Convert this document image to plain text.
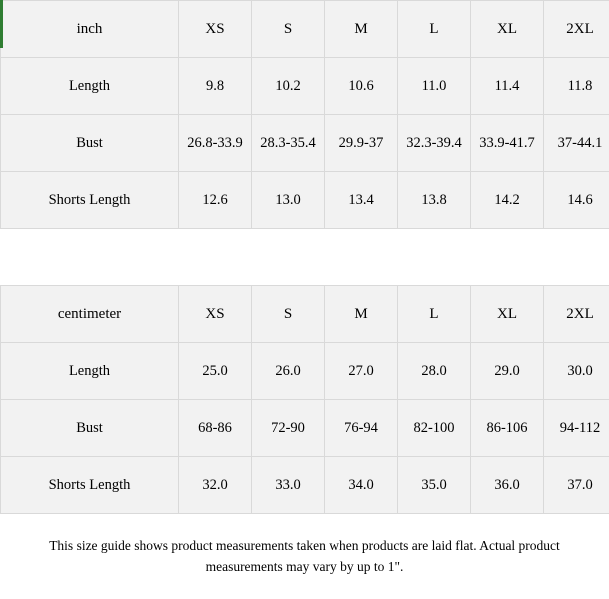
inch	XS	S	M	L	XL	2XL
Length	9.8	10.2	10.6	11.0	11.4	11.8
Bust	26.8-33.9	28.3-35.4	29.9-37	32.3-39.4	33.9-41.7	37-44.1
Shorts Length	12.6	13.0	13.4	13.8	14.2	14.6
centimeter	XS	S	M	L	XL	2XL
Length	25.0	26.0	27.0	28.0	29.0	30.0
Bust	68-86	72-90	76-94	82-100	86-106	94-112
Shorts Length	32.0	33.0	34.0	35.0	36.0	37.0
This size guide shows product measurements taken when products are laid flat. Actual product
measurements may vary by up to 1".
